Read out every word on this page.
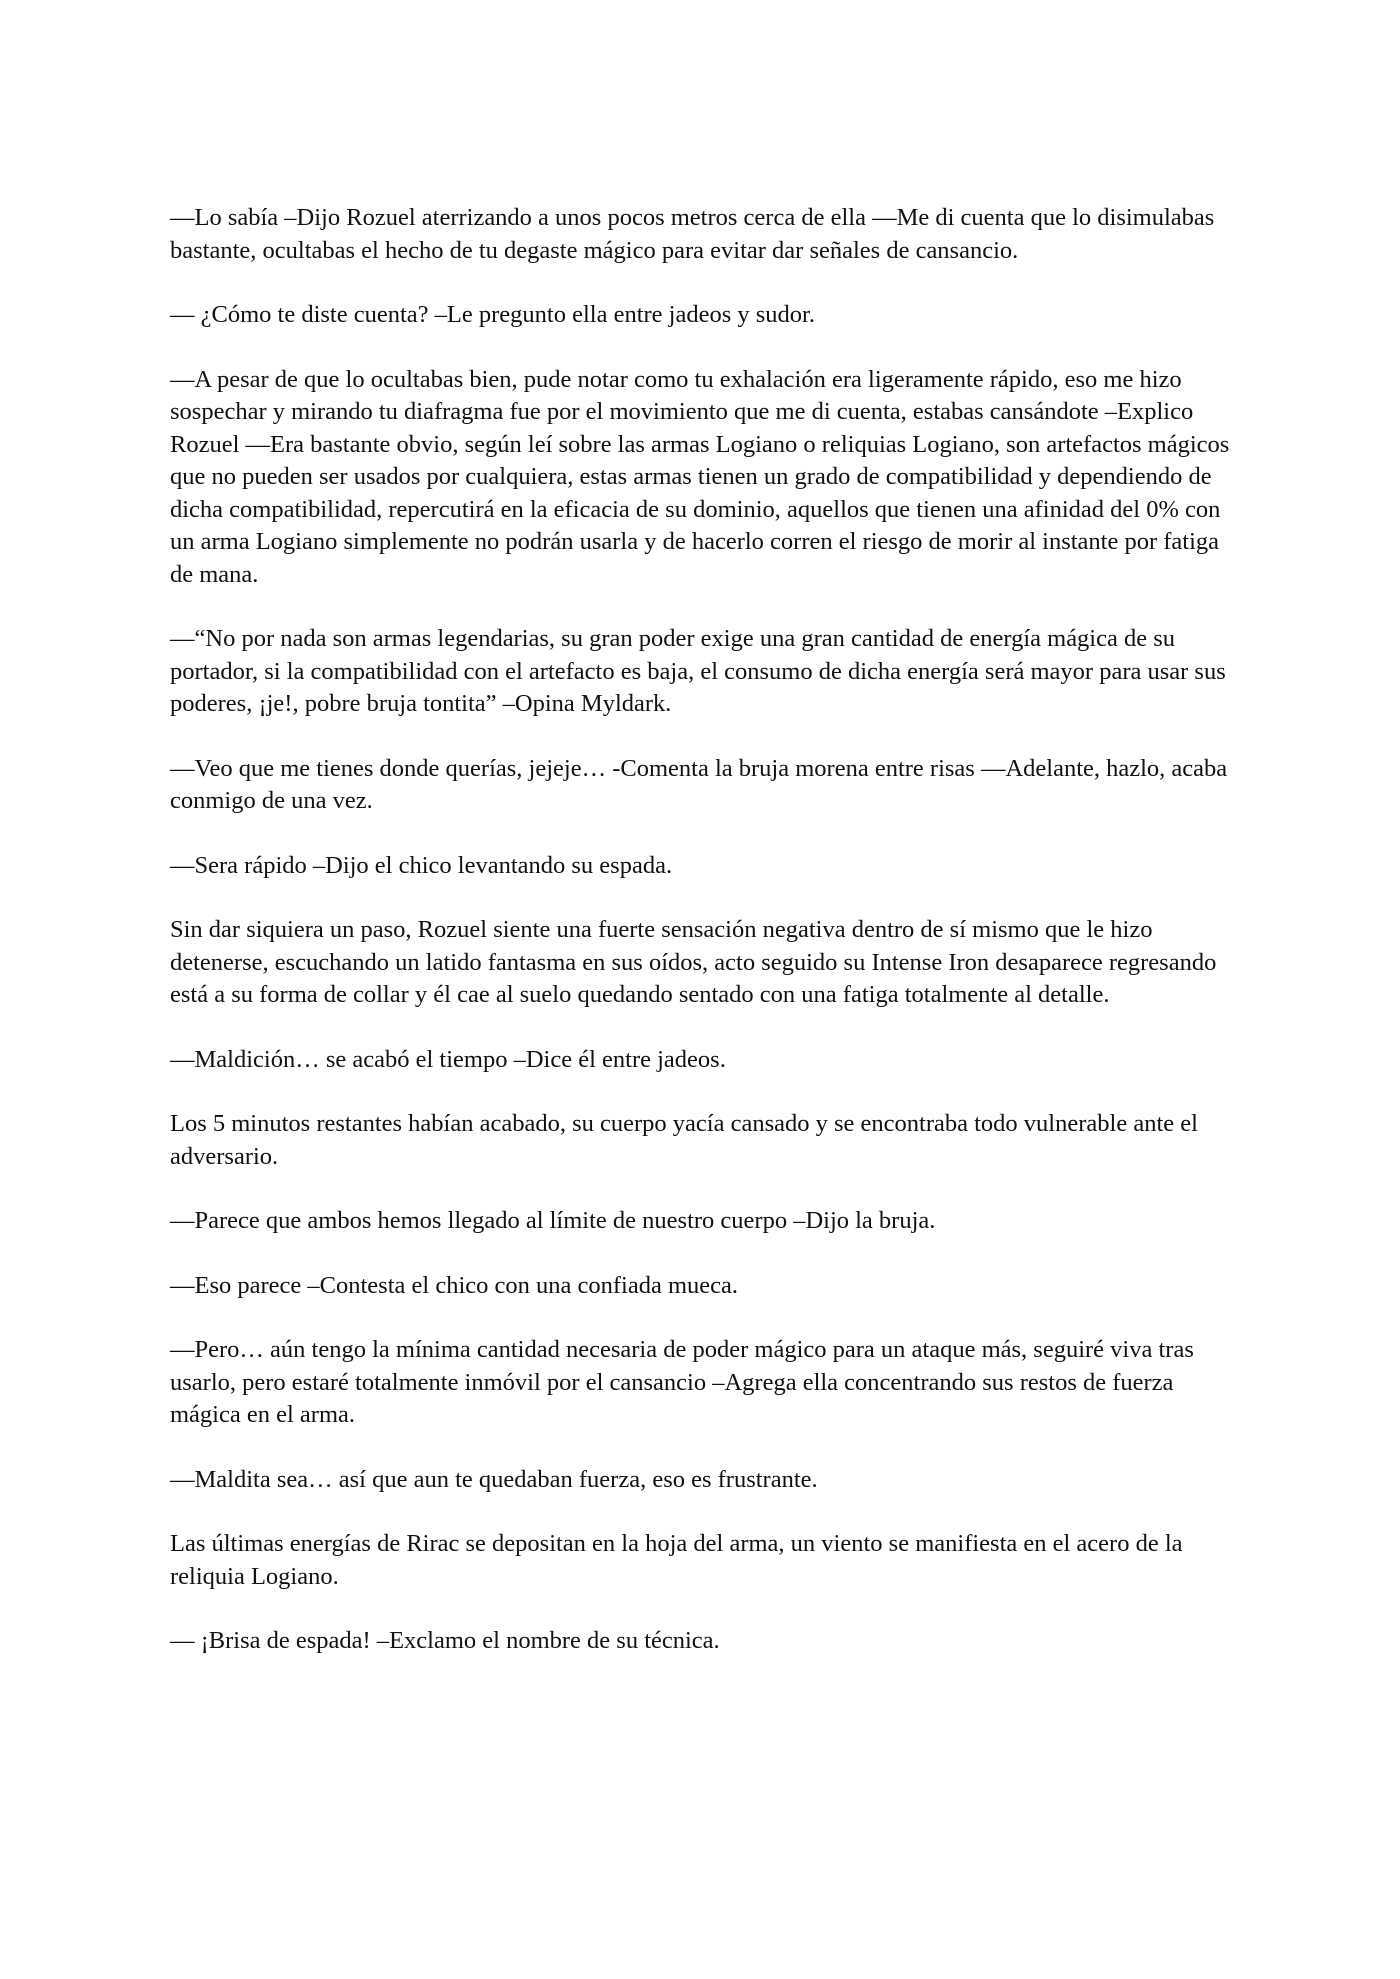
—Lo sabía –Dijo Rozuel aterrizando a unos pocos metros cerca de ella —Me di cuenta que lo disimulabas bastante, ocultabas el hecho de tu degaste mágico para evitar dar señales de cansancio.

— ¿Cómo te diste cuenta? –Le pregunto ella entre jadeos y sudor.

—A pesar de que lo ocultabas bien, pude notar como tu exhalación era ligeramente rápido, eso me hizo sospechar y mirando tu diafragma fue por el movimiento que me di cuenta, estabas cansándote –Explico Rozuel —Era bastante obvio, según leí sobre las armas Logiano o reliquias Logiano, son artefactos mágicos que no pueden ser usados por cualquiera, estas armas tienen un grado de compatibilidad y dependiendo de dicha compatibilidad, repercutirá en la eficacia de su dominio, aquellos que tienen una afinidad del 0% con un arma Logiano simplemente no podrán usarla y de hacerlo corren el riesgo de morir al instante por fatiga de mana.

—“No por nada son armas legendarias, su gran poder exige una gran cantidad de energía mágica de su portador, si la compatibilidad con el artefacto es baja, el consumo de dicha energía será mayor para usar sus poderes, ¡je!, pobre bruja tontita” –Opina Myldark.

—Veo que me tienes donde querías, jejeje… -Comenta la bruja morena entre risas —Adelante, hazlo, acaba conmigo de una vez.

—Sera rápido –Dijo el chico levantando su espada.

Sin dar siquiera un paso, Rozuel siente una fuerte sensación negativa dentro de sí mismo que le hizo detenerse, escuchando un latido fantasma en sus oídos, acto seguido su Intense Iron desaparece regresando está a su forma de collar y él cae al suelo quedando sentado con una fatiga totalmente al detalle.

—Maldición… se acabó el tiempo –Dice él entre jadeos.

Los 5 minutos restantes habían acabado, su cuerpo yacía cansado y se encontraba todo vulnerable ante el adversario.

—Parece que ambos hemos llegado al límite de nuestro cuerpo –Dijo la bruja.

—Eso parece –Contesta el chico con una confiada mueca.

—Pero… aún tengo la mínima cantidad necesaria de poder mágico para un ataque más, seguiré viva tras usarlo, pero estaré totalmente inmóvil por el cansancio –Agrega ella concentrando sus restos de fuerza mágica en el arma.

—Maldita sea… así que aun te quedaban fuerza, eso es frustrante.

Las últimas energías de Rirac se depositan en la hoja del arma, un viento se manifiesta en el acero de la reliquia Logiano.

— ¡Brisa de espada! –Exclamo el nombre de su técnica.
